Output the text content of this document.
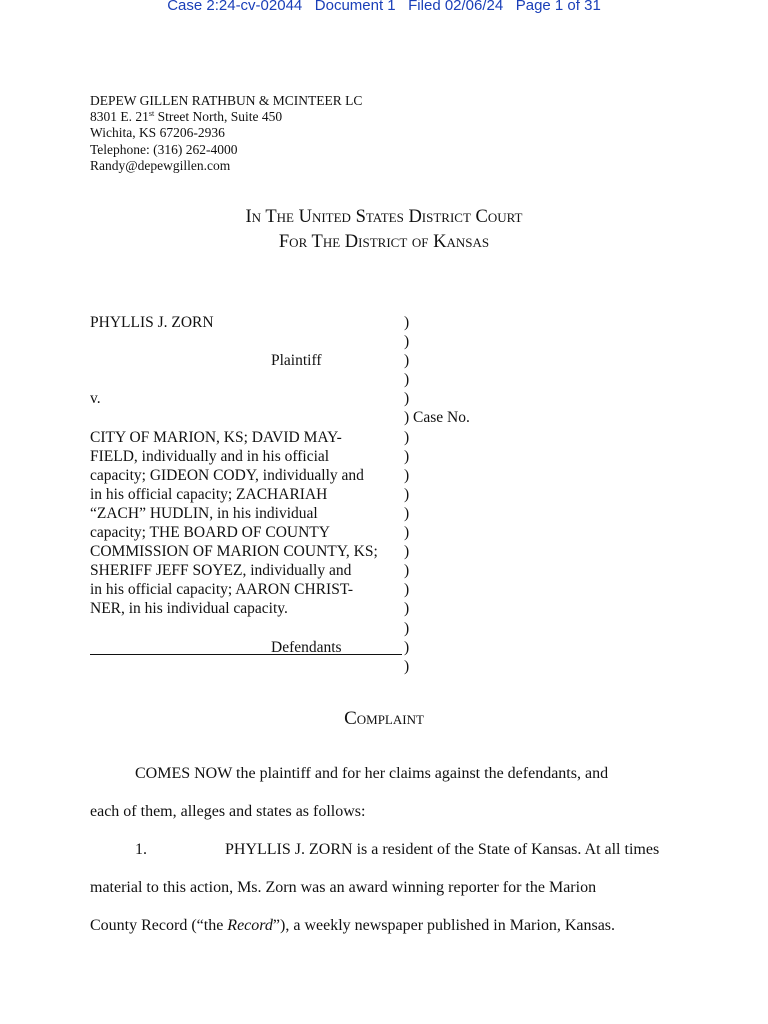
Case 2:24-cv-02044   Document 1   Filed 02/06/24   Page 1 of 31
DEPEW GILLEN RATHBUN & MCINTEER LC
8301 E. 21st Street North, Suite 450
Wichita, KS 67206-2936
Telephone: (316) 262-4000
Randy@depewgillen.com
In The United States District Court
For The District of Kansas
PHYLLIS J. ZORN
Plaintiff
v.
CITY OF MARION, KS; DAVID MAY-
FIELD, individually and in his official
capacity; GIDEON CODY, individually and
in his official capacity; ZACHARIAH
“ZACH” HUDLIN, in his individual
capacity; THE BOARD OF COUNTY
COMMISSION OF MARION COUNTY, KS;
SHERIFF JEFF SOYEZ, individually and
in his official capacity; AARON CHRIST-
NER, in his individual capacity.
Defendants
)
)
)
)
)
) Case No.
)
)
)
)
)
)
)
)
)
)
)
)
)
Complaint
COMES NOW the plaintiff and for her claims against the defendants, and
each of them, alleges and states as follows:
1.	PHYLLIS J. ZORN is a resident of the State of Kansas. At all times
material to this action, Ms. Zorn was an award winning reporter for the Marion
County Record (“the Record”), a weekly newspaper published in Marion, Kansas.
